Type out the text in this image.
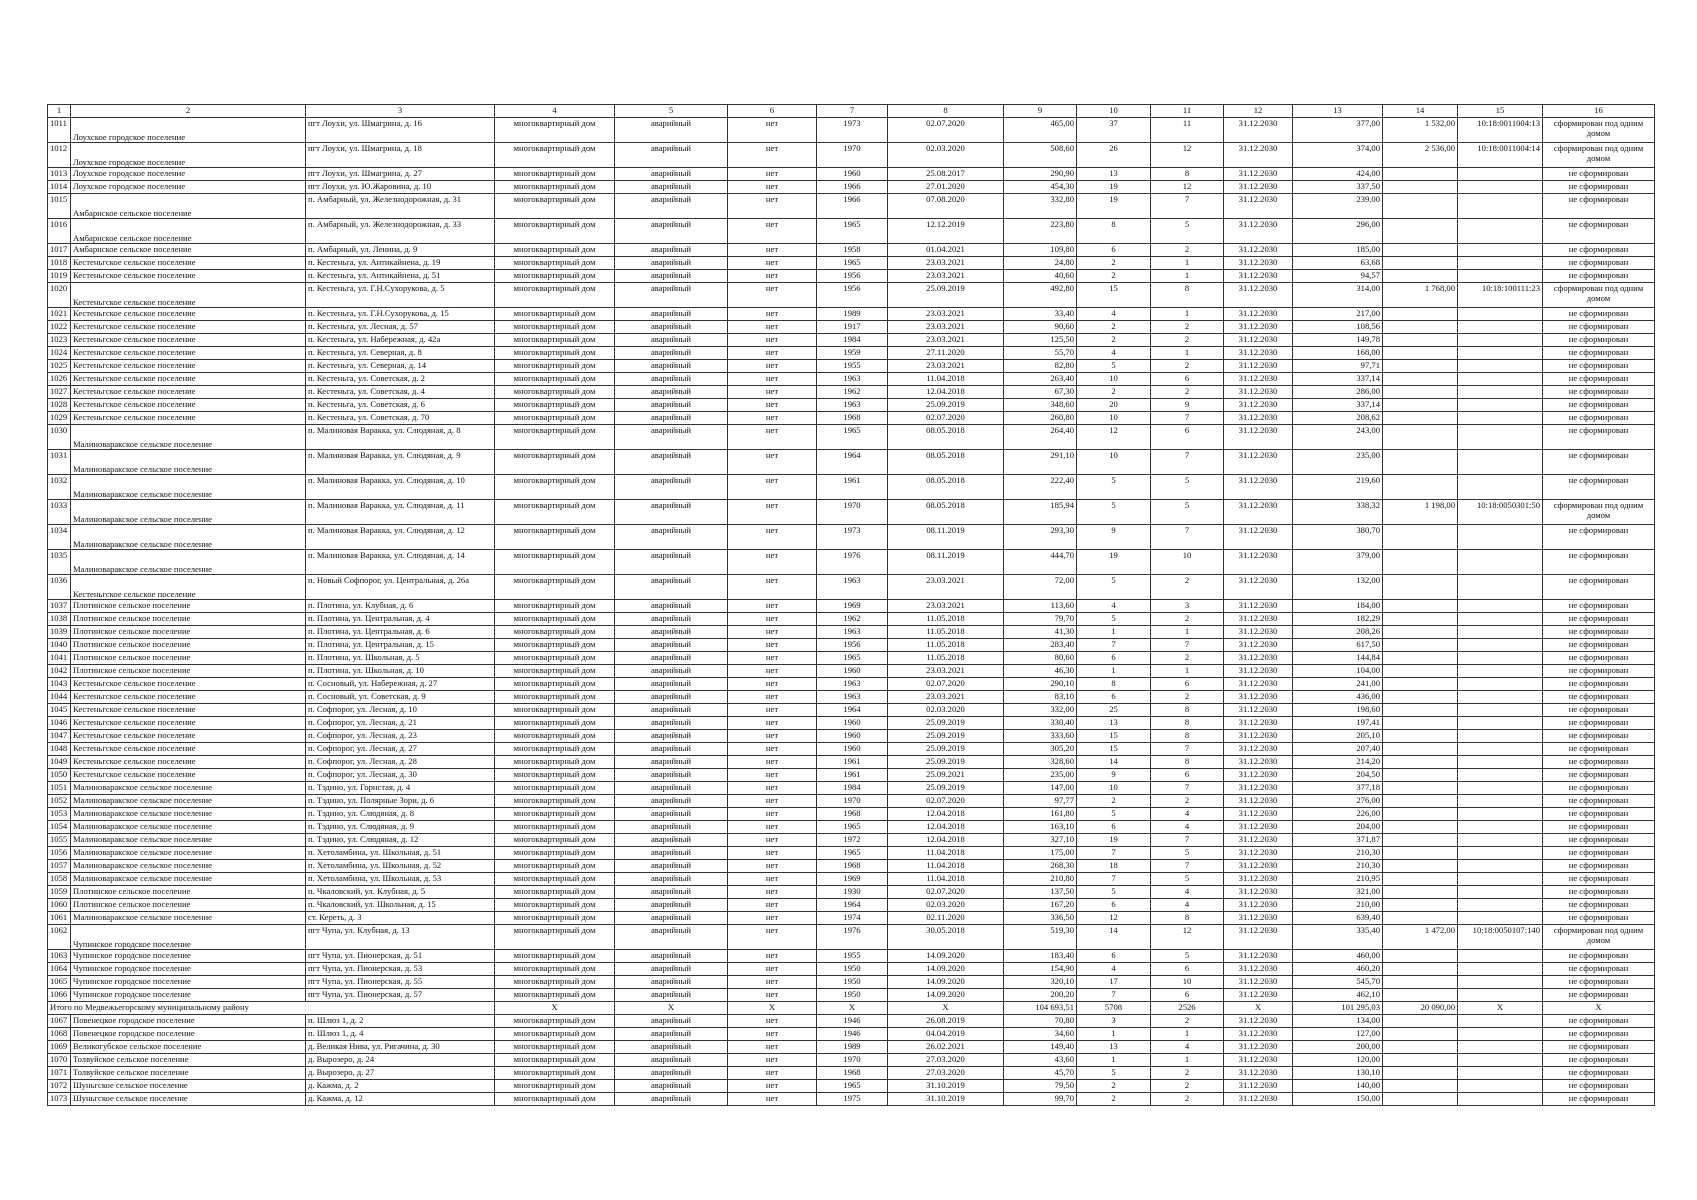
1	2	3	4	5	6	7	8	9	10	11	12	13	14	15	16
1011	Лоухское городское поселение	пгт Лоухи, ул. Шмагрина, д. 16	многоквартирный дом	аварийный	нет	1973	02.07.2020	465,00	37	11	31.12.2030	377,00	1 532,00	10:18:0011004:13	сформирован под одним домом
1012	Лоухское городское поселение	пгт Лоухи, ул. Шмагрина, д. 18	многоквартирный дом	аварийный	нет	1970	02.03.2020	508,60	26	12	31.12.2030	374,00	2 536,00	10:18:0011004:14	сформирован под одним домом
1013	Лоухское городское поселение	пгт Лоухи, ул. Шмагрина, д. 27	многоквартирный дом	аварийный	нет	1960	25.08.2017	290,90	13	8	31.12.2030	424,00			не сформирован
1014	Лоухское городское поселение	пгт Лоухи, ул. Ю.Жаровина, д. 10	многоквартирный дом	аварийный	нет	1966	27.01.2020	454,30	19	12	31.12.2030	337,50			не сформирован
1015	Амбарнское сельское поселение	п. Амбарный, ул. Железнодорожная, д. 31	многоквартирный дом	аварийный	нет	1966	07.08.2020	332,80	19	7	31.12.2030	239,00			не сформирован
1016	Амбарнское сельское поселение	п. Амбарный, ул. Железнодорожная, д. 33	многоквартирный дом	аварийный	нет	1965	12.12.2019	223,80	8	5	31.12.2030	296,00			не сформирован
1017	Амбарнское сельское поселение	п. Амбарный, ул. Ленина, д. 9	многоквартирный дом	аварийный	нет	1958	01.04.2021	109,80	6	2	31.12.2030	185,00			не сформирован
1018	Кестеньгское сельское поселение	п. Кестеньга, ул. Антикайнена, д. 19	многоквартирный дом	аварийный	нет	1965	23.03.2021	24,80	2	1	31.12.2030	63,68			не сформирован
1019	Кестеньгское сельское поселение	п. Кестеньга, ул. Антикайнена, д. 51	многоквартирный дом	аварийный	нет	1956	23.03.2021	40,60	2	1	31.12.2030	94,57			не сформирован
1020	Кестеньгское сельское поселение	п. Кестеньга, ул. Г.Н.Сухорукова, д. 5	многоквартирный дом	аварийный	нет	1956	25.09.2019	492,80	15	8	31.12.2030	314,00	1 768,00	10:18:100111:23	сформирован под одним домом
1021	Кестеньгское сельское поселение	п. Кестеньга, ул. Г.Н.Сухорукова, д. 15	многоквартирный дом	аварийный	нет	1989	23.03.2021	33,40	4	1	31.12.2030	217,00			не сформирован
1022	Кестеньгское сельское поселение	п. Кестеньга, ул. Лесная, д. 57	многоквартирный дом	аварийный	нет	1917	23.03.2021	90,60	2	2	31.12.2030	108,56			не сформирован
1023	Кестеньгское сельское поселение	п. Кестеньга, ул. Набережная, д. 42а	многоквартирный дом	аварийный	нет	1984	23.03.2021	125,50	2	2	31.12.2030	149,78			не сформирован
1024	Кестеньгское сельское поселение	п. Кестеньга, ул. Северная, д. 8	многоквартирный дом	аварийный	нет	1959	27.11.2020	55,70	4	1	31.12.2030	168,00			не сформирован
1025	Кестеньгское сельское поселение	п. Кестеньга, ул. Северная, д. 14	многоквартирный дом	аварийный	нет	1955	23.03.2021	82,80	5	2	31.12.2030	97,71			не сформирован
1026	Кестеньгское сельское поселение	п. Кестеньга, ул. Советская, д. 2	многоквартирный дом	аварийный	нет	1963	11.04.2018	263,40	10	6	31.12.2030	337,14			не сформирован
1027	Кестеньгское сельское поселение	п. Кестеньга, ул. Советская, д. 4	многоквартирный дом	аварийный	нет	1962	12.04.2018	67,30	2	2	31.12.2030	286,00			не сформирован
1028	Кестеньгское сельское поселение	п. Кестеньга, ул. Советская, д. 6	многоквартирный дом	аварийный	нет	1963	25.09.2019	348,60	20	9	31.12.2030	337,14			не сформирован
1029	Кестеньгское сельское поселение	п. Кестеньга, ул. Советская, д. 70	многоквартирный дом	аварийный	нет	1968	02.07.2020	260,80	10	7	31.12.2030	208,62			не сформирован
1030	Малиноваракское сельское поселение	п. Малиновая Варакка, ул. Слюдяная, д. 8	многоквартирный дом	аварийный	нет	1965	08.05.2018	264,40	12	6	31.12.2030	243,00			не сформирован
1031	Малиноваракское сельское поселение	п. Малиновая Варакка, ул. Слюдяная, д. 9	многоквартирный дом	аварийный	нет	1964	08.05.2018	291,10	10	7	31.12.2030	235,00			не сформирован
1032	Малиноваракское сельское поселение	п. Малиновая Варакка, ул. Слюдяная, д. 10	многоквартирный дом	аварийный	нет	1961	08.05.2018	222,40	5	5	31.12.2030	219,60			не сформирован
1033	Малиноваракское сельское поселение	п. Малиновая Варакка, ул. Слюдяная, д. 11	многоквартирный дом	аварийный	нет	1970	08.05.2018	185,94	5	5	31.12.2030	338,32	1 198,00	10:18:0050301:50	сформирован под одним домом
1034	Малиноваракское сельское поселение	п. Малиновая Варакка, ул. Слюдяная, д. 12	многоквартирный дом	аварийный	нет	1973	08.11.2019	293,30	9	7	31.12.2030	380,70			не сформирован
1035	Малиноваракское сельское поселение	п. Малиновая Варакка, ул. Слюдяная, д. 14	многоквартирный дом	аварийный	нет	1976	08.11.2019	444,70	19	10	31.12.2030	379,00			не сформирован
1036	Кестеньгское сельское поселение	п. Новый Софпорог, ул. Центральная, д. 26а	многоквартирный дом	аварийный	нет	1963	23.03.2021	72,00	5	2	31.12.2030	132,00			не сформирован
1037	Плотинское сельское поселение	п. Плотина, ул. Клубная, д. 6	многоквартирный дом	аварийный	нет	1969	23.03.2021	113,60	4	3	31.12.2030	184,00			не сформирован
1038	Плотинское сельское поселение	п. Плотина, ул. Центральная, д. 4	многоквартирный дом	аварийный	нет	1962	11.05.2018	79,70	5	2	31.12.2030	182,29			не сформирован
1039	Плотинское сельское поселение	п. Плотина, ул. Центральная, д. 6	многоквартирный дом	аварийный	нет	1963	11.05.2018	41,30	1	1	31.12.2030	208,26			не сформирован
1040	Плотинское сельское поселение	п. Плотина, ул. Центральная, д. 15	многоквартирный дом	аварийный	нет	1956	11.05.2018	283,40	7	7	31.12.2030	617,50			не сформирован
1041	Плотинское сельское поселение	п. Плотина, ул. Школьная, д. 5	многоквартирный дом	аварийный	нет	1965	11.05.2018	80,60	6	2	31.12.2030	144,84			не сформирован
1042	Плотинское сельское поселение	п. Плотина, ул. Школьная, д. 10	многоквартирный дом	аварийный	нет	1960	23.03.2021	46,30	1	1	31.12.2030	104,00			не сформирован
1043	Кестеньгское сельское поселение	п. Сосновый, ул. Набережная, д. 27	многоквартирный дом	аварийный	нет	1963	02.07.2020	290,10	8	6	31.12.2030	241,00			не сформирован
1044	Кестеньгское сельское поселение	п. Сосновый, ул. Советская, д. 9	многоквартирный дом	аварийный	нет	1963	23.03.2021	83,10	6	2	31.12.2030	436,00			не сформирован
1045	Кестеньгское сельское поселение	п. Софпорог, ул. Лесная, д. 10	многоквартирный дом	аварийный	нет	1964	02.03.2020	332,00	25	8	31.12.2030	198,60			не сформирован
1046	Кестеньгское сельское поселение	п. Софпорог, ул. Лесная, д. 21	многоквартирный дом	аварийный	нет	1960	25.09.2019	330,40	13	8	31.12.2030	197,41			не сформирован
1047	Кестеньгское сельское поселение	п. Софпорог, ул. Лесная, д. 23	многоквартирный дом	аварийный	нет	1960	25.09.2019	333,60	15	8	31.12.2030	205,10			не сформирован
1048	Кестеньгское сельское поселение	п. Софпорог, ул. Лесная, д. 27	многоквартирный дом	аварийный	нет	1960	25.09.2019	305,20	15	7	31.12.2030	207,40			не сформирован
1049	Кестеньгское сельское поселение	п. Софпорог, ул. Лесная, д. 28	многоквартирный дом	аварийный	нет	1961	25.09.2019	328,60	14	8	31.12.2030	214,20			не сформирован
1050	Кестеньгское сельское поселение	п. Софпорог, ул. Лесная, д. 30	многоквартирный дом	аварийный	нет	1961	25.09.2021	235,00	9	6	31.12.2030	204,50			не сформирован
1051	Малиноваракское сельское поселение	п. Тэдино, ул. Горнстая, д. 4	многоквартирный дом	аварийный	нет	1984	25.09.2019	147,00	10	7	31.12.2030	377,18			не сформирован
1052	Малиноваракское сельское поселение	п. Тэдино, ул. Полярные Зори, д. 6	многоквартирный дом	аварийный	нет	1970	02.07.2020	97,77	2	2	31.12.2030	276,00			не сформирован
1053	Малиноваракское сельское поселение	п. Тэдино, ул. Слюдяная, д. 8	многоквартирный дом	аварийный	нет	1968	12.04.2018	161,80	5	4	31.12.2030	226,00			не сформирован
1054	Малиноваракское сельское поселение	п. Тэдино, ул. Слюдяная, д. 9	многоквартирный дом	аварийный	нет	1965	12.04.2018	163,10	6	4	31.12.2030	204,00			не сформирован
1055	Малиноваракское сельское поселение	п. Тэдино, ул. Слюдяная, д. 12	многоквартирный дом	аварийный	нет	1972	12.04.2018	327,10	19	7	31.12.2030	371,87			не сформирован
1056	Малиноваракское сельское поселение	п. Хетоламбина, ул. Школьная, д. 51	многоквартирный дом	аварийный	нет	1965	11.04.2018	175,00	7	5	31.12.2030	210,30			не сформирован
1057	Малиноваракское сельское поселение	п. Хетоламбина, ул. Школьная, д. 52	многоквартирный дом	аварийный	нет	1968	11.04.2018	268,30	18	7	31.12.2030	210,30			не сформирован
1058	Малиноваракское сельское поселение	п. Хетоламбина, ул. Школьная, д. 53	многоквартирный дом	аварийный	нет	1969	11.04.2018	210,80	7	5	31.12.2030	210,95			не сформирован
1059	Плотинское сельское поселение	п. Чкаловский, ул. Клубная, д. 5	многоквартирный дом	аварийный	нет	1930	02.07.2020	137,50	5	4	31.12.2030	321,00			не сформирован
1060	Плотинское сельское поселение	п. Чкаловский, ул. Школьная, д. 15	многоквартирный дом	аварийный	нет	1964	02.03.2020	167,20	6	4	31.12.2030	210,00			не сформирован
1061	Малиноваракское сельское поселение	ст. Кереть, д. 3	многоквартирный дом	аварийный	нет	1974	02.11.2020	336,50	12	8	31.12.2030	639,40			не сформирован
1062	Чупинское городское поселение	пгт Чупа, ул. Клубная, д. 13	многоквартирный дом	аварийный	нет	1976	30.05.2018	519,30	14	12	31.12.2030	335,40	1 472,00	10:18:0050107:140	сформирован под одним домом
1063	Чупинское городское поселение	пгт Чупа, ул. Пионерская, д. 51	многоквартирный дом	аварийный	нет	1955	14.09.2020	183,40	6	5	31.12.2030	460,00			не сформирован
1064	Чупинское городское поселение	пгт Чупа, ул. Пионерская, д. 53	многоквартирный дом	аварийный	нет	1950	14.09.2020	154,90	4	6	31.12.2030	460,20			не сформирован
1065	Чупинское городское поселение	пгт Чупа, ул. Пионерская, д. 55	многоквартирный дом	аварийный	нет	1950	14.09.2020	320,10	17	10	31.12.2030	545,70			не сформирован
1066	Чупинское городское поселение	пгт Чупа, ул. Пионерская, д. 57	многоквартирный дом	аварийный	нет	1950	14.09.2020	200,20	7	6	31.12.2030	462,10			не сформирован
Итого по Медвежьегорскому муниципальному району			X	X	X	X	X	104 693,51	5708	2526	X	101 295,03	20 090,00	X	X
1067	Повенецкое городское поселение	п. Шлюз 1, д. 2	многоквартирный дом	аварийный	нет	1946	26.08.2019	70,80	3	2	31.12.2030	134,00			не сформирован
1068	Повенецкое городское поселение	п. Шлюз 1, д. 4	многоквартирный дом	аварийный	нет	1946	04.04.2019	34,60	1	1	31.12.2030	127,00			не сформирован
1069	Великогубское сельское поселение	д. Великая Нива, ул. Ригачина, д. 30	многоквартирный дом	аварийный	нет	1989	26.02.2021	149,40	13	4	31.12.2030	200,00			не сформирован
1070	Толвуйское сельское поселение	д. Вырозеро, д. 24	многоквартирный дом	аварийный	нет	1970	27.03.2020	43,60	1	1	31.12.2030	120,00			не сформирован
1071	Толвуйское сельское поселение	д. Вырозеро, д. 27	многоквартирный дом	аварийный	нет	1968	27.03.2020	45,70	5	2	31.12.2030	130,10			не сформирован
1072	Шуньгское сельское поселение	д. Кажма, д. 2	многоквартирный дом	аварийный	нет	1965	31.10.2019	79,50	2	2	31.12.2030	140,00			не сформирован
1073	Шуньгское сельское поселение	д. Кажма, д. 12	многоквартирный дом	аварийный	нет	1975	31.10.2019	99,70	2	2	31.12.2030	150,00			не сформирован
